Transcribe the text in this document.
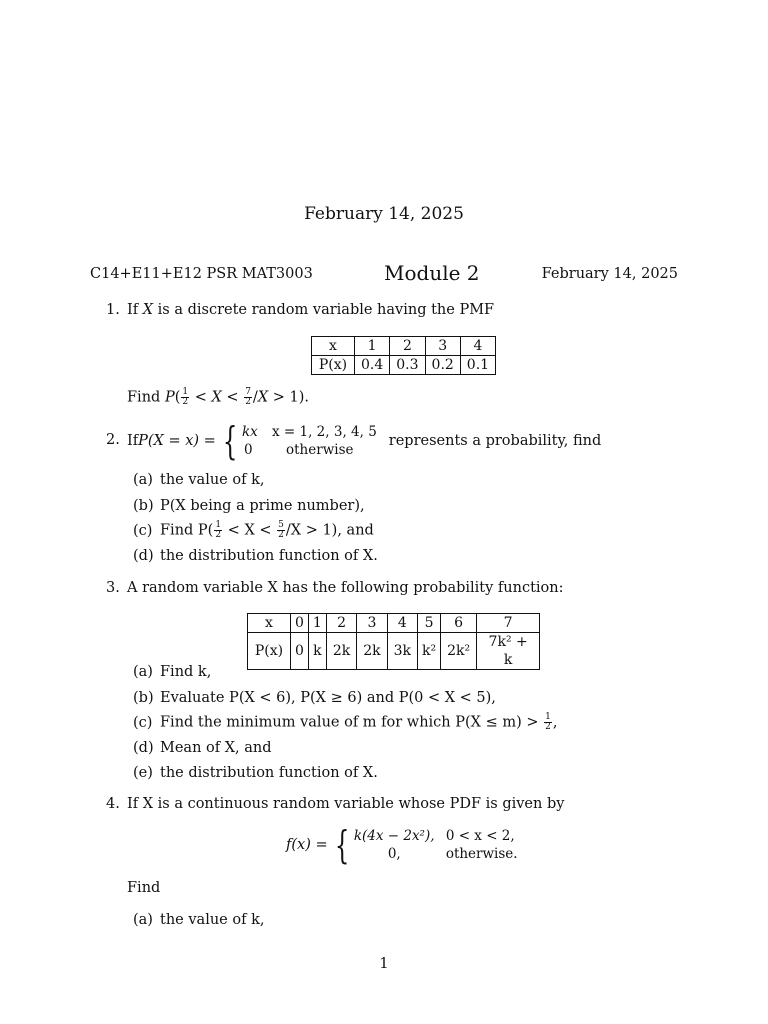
February 14, 2025
C14+E11+E12 PSR MAT3003	Module 2	February 14, 2025
1. If X is a discrete random variable having the PMF
x	1	2	3	4
P(x)	0.4	0.3	0.2	0.1
Find $P( \frac{1}{2} < X < \frac{7}{2} /X > 1)$.
2. If P(X = x) = { kx x = 1, 2, 3, 4, 5
0 otherwise
represents a probability, find
(a) the value of k,
(b) P(X being a prime number),
(c) Find $P( \frac{1}{2} < X < \frac{5}{2} /X > 1)$, and
(d) the distribution function of X.
3. A random variable X has the following probability function:
x	0	1	2	3	4	5	6	7
P(x)	0	k	2k	2k	3k	k²	2k²	7k² + k
(a) Find k,
(b) Evaluate P(X < 6), P(X ≥ 6) and P(0 < X < 5),
(c) Find the minimum value of m for which $P(X \le m) > \frac{1}{2}$ ,
(d) Mean of X, and
(e) the distribution function of X.
4. If X is a continuous random variable whose PDF is given by
f(x) = { k(4x − 2x²), 0 < x < 2,
0,	otherwise.
Find
(a) the value of k,
1
